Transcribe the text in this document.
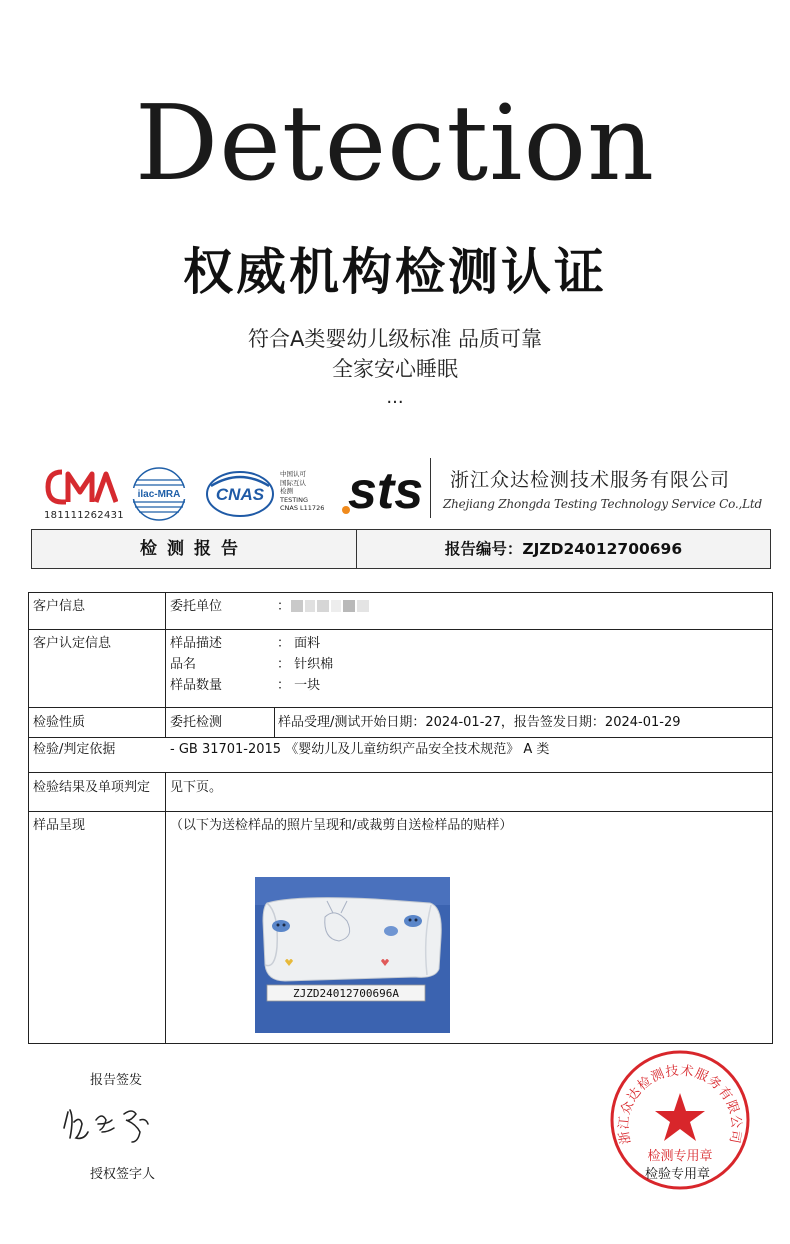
Detection
权威机构检测认证
符合A类婴幼儿级标准 品质可靠
全家安心睡眠
...
181111262431
ilac-MRA CNAS
中国认可
国际互认
检测
TESTING
CNAS L11726 sts 浙江众达检测技术服务有限公司
Zhejiang Zhongda Testing Technology Service Co.,Ltd
检测报告	报告编号：ZJZD24012700696
客户信息	委托单位	：
客户认定信息	样品描述	： 面料
品名	： 针织棉
样品数量	： 一块
检验性质	委托检测	样品受理/测试开始日期：2024-01-27，报告签发日期：2024-01-29
检验/判定依据	- GB 31701-2015 《婴幼儿及儿童纺织产品安全技术规范》 A 类
检验结果及单项判定 见下页。
样品呈现	（以下为送检样品的照片呈现和/或裁剪自送检样品的贴样）
ZJZD24012700696A
报告签发
授权签字人
浙江众达检测技术服务有限公司
检测专用章
检验专用章
